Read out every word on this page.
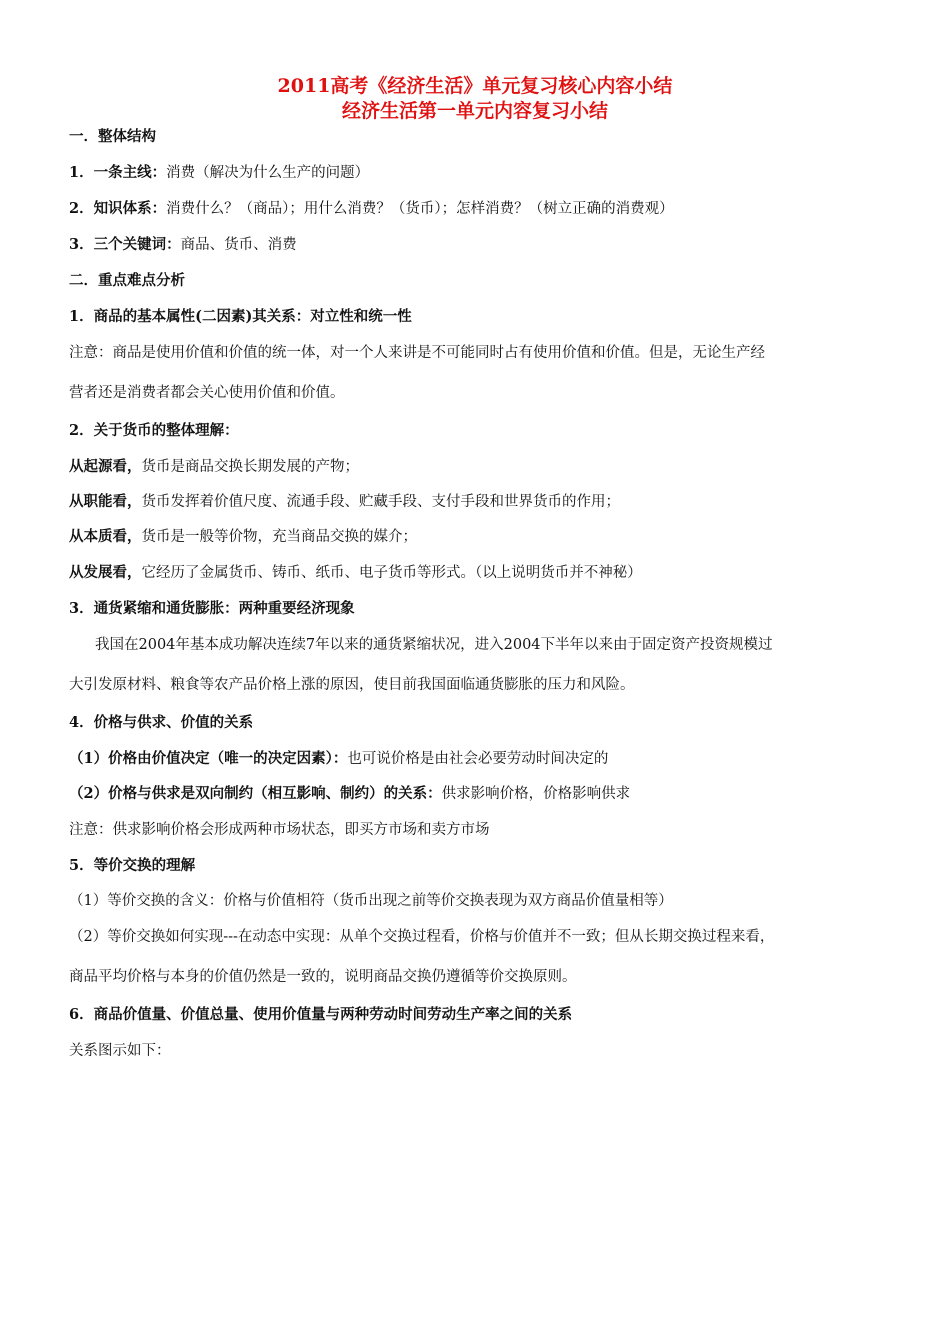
2011高考《经济生活》单元复习核心内容小结
经济生活第一单元内容复习小结
一．整体结构
1．一条主线：消费（解决为什么生产的问题）
2．知识体系：消费什么？（商品）；用什么消费？（货币）；怎样消费？（树立正确的消费观）
3．三个关键词：商品、货币、消费
二．重点难点分析
1．商品的基本属性(二因素)其关系：对立性和统一性
注意：商品是使用价值和价值的统一体，对一个人来讲是不可能同时占有使用价值和价值。但是，无论生产经
营者还是消费者都会关心使用价值和价值。
2．关于货币的整体理解：
从起源看，货币是商品交换长期发展的产物；
从职能看，货币发挥着价值尺度、流通手段、贮藏手段、支付手段和世界货币的作用；
从本质看，货币是一般等价物，充当商品交换的媒介；
从发展看，它经历了金属货币、铸币、纸币、电子货币等形式。（以上说明货币并不神秘）
3．通货紧缩和通货膨胀：两种重要经济现象
我国在2004年基本成功解决连续7年以来的通货紧缩状况，进入2004下半年以来由于固定资产投资规模过
大引发原材料、粮食等农产品价格上涨的原因，使目前我国面临通货膨胀的压力和风险。
4．价格与供求、价值的关系
（1）价格由价值决定（唯一的决定因素）：也可说价格是由社会必要劳动时间决定的
（2）价格与供求是双向制约（相互影响、制约）的关系：供求影响价格，价格影响供求
注意：供求影响价格会形成两种市场状态，即买方市场和卖方市场
5．等价交换的理解
（1）等价交换的含义：价格与价值相符（货币出现之前等价交换表现为双方商品价值量相等）
（2）等价交换如何实现---在动态中实现：从单个交换过程看，价格与价值并不一致；但从长期交换过程来看，
商品平均价格与本身的价值仍然是一致的，说明商品交换仍遵循等价交换原则。
6．商品价值量、价值总量、使用价值量与两种劳动时间劳动生产率之间的关系
关系图示如下：
